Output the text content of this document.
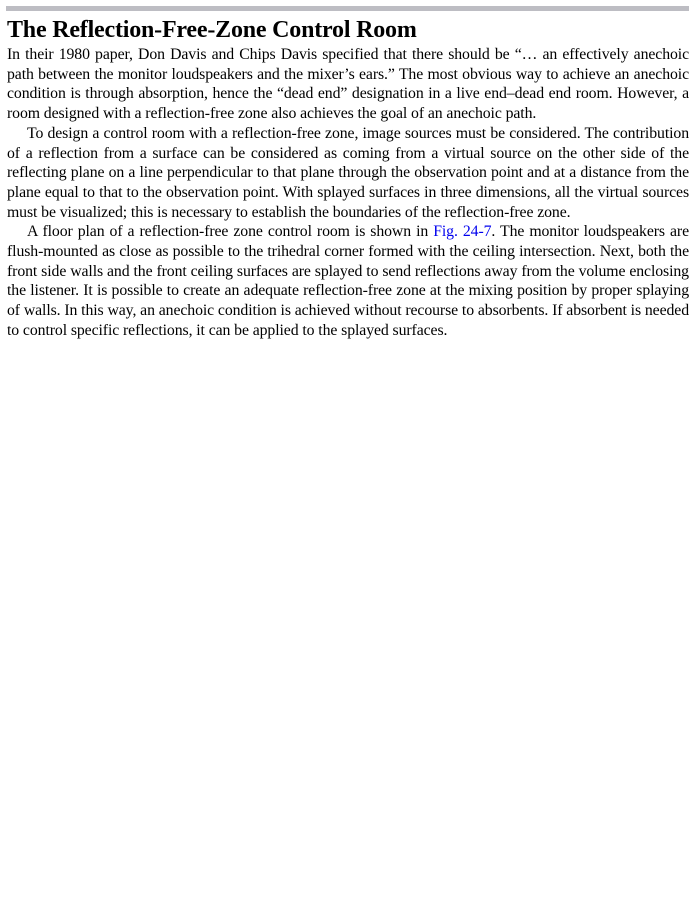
The Reflection-Free-Zone Control Room

In their 1980 paper, Don Davis and Chips Davis specified that there should be “… an effectively anechoic path between the monitor loudspeakers and the mixer’s ears.” The most obvious way to achieve an anechoic condition is through absorption, hence the “dead end” designation in a live end–dead end room. However, a room designed with a reflection-free zone also achieves the goal of an anechoic path.

To design a control room with a reflection-free zone, image sources must be considered. The contribution of a reflection from a surface can be considered as coming from a virtual source on the other side of the reflecting plane on a line perpendicular to that plane through the observation point and at a distance from the plane equal to that to the observation point. With splayed surfaces in three dimensions, all the virtual sources must be visualized; this is necessary to establish the boundaries of the reflection-free zone.

A floor plan of a reflection-free zone control room is shown in Fig. 24-7. The monitor loudspeakers are flush-mounted as close as possible to the trihedral corner formed with the ceiling intersection. Next, both the front side walls and the front ceiling surfaces are splayed to send reflections away from the volume enclosing the listener. It is possible to create an adequate reflection-free zone at the mixing position by proper splaying of walls. In this way, an anechoic condition is achieved without recourse to absorbents. If absorbent is needed to control specific reflections, it can be applied to the splayed surfaces.
